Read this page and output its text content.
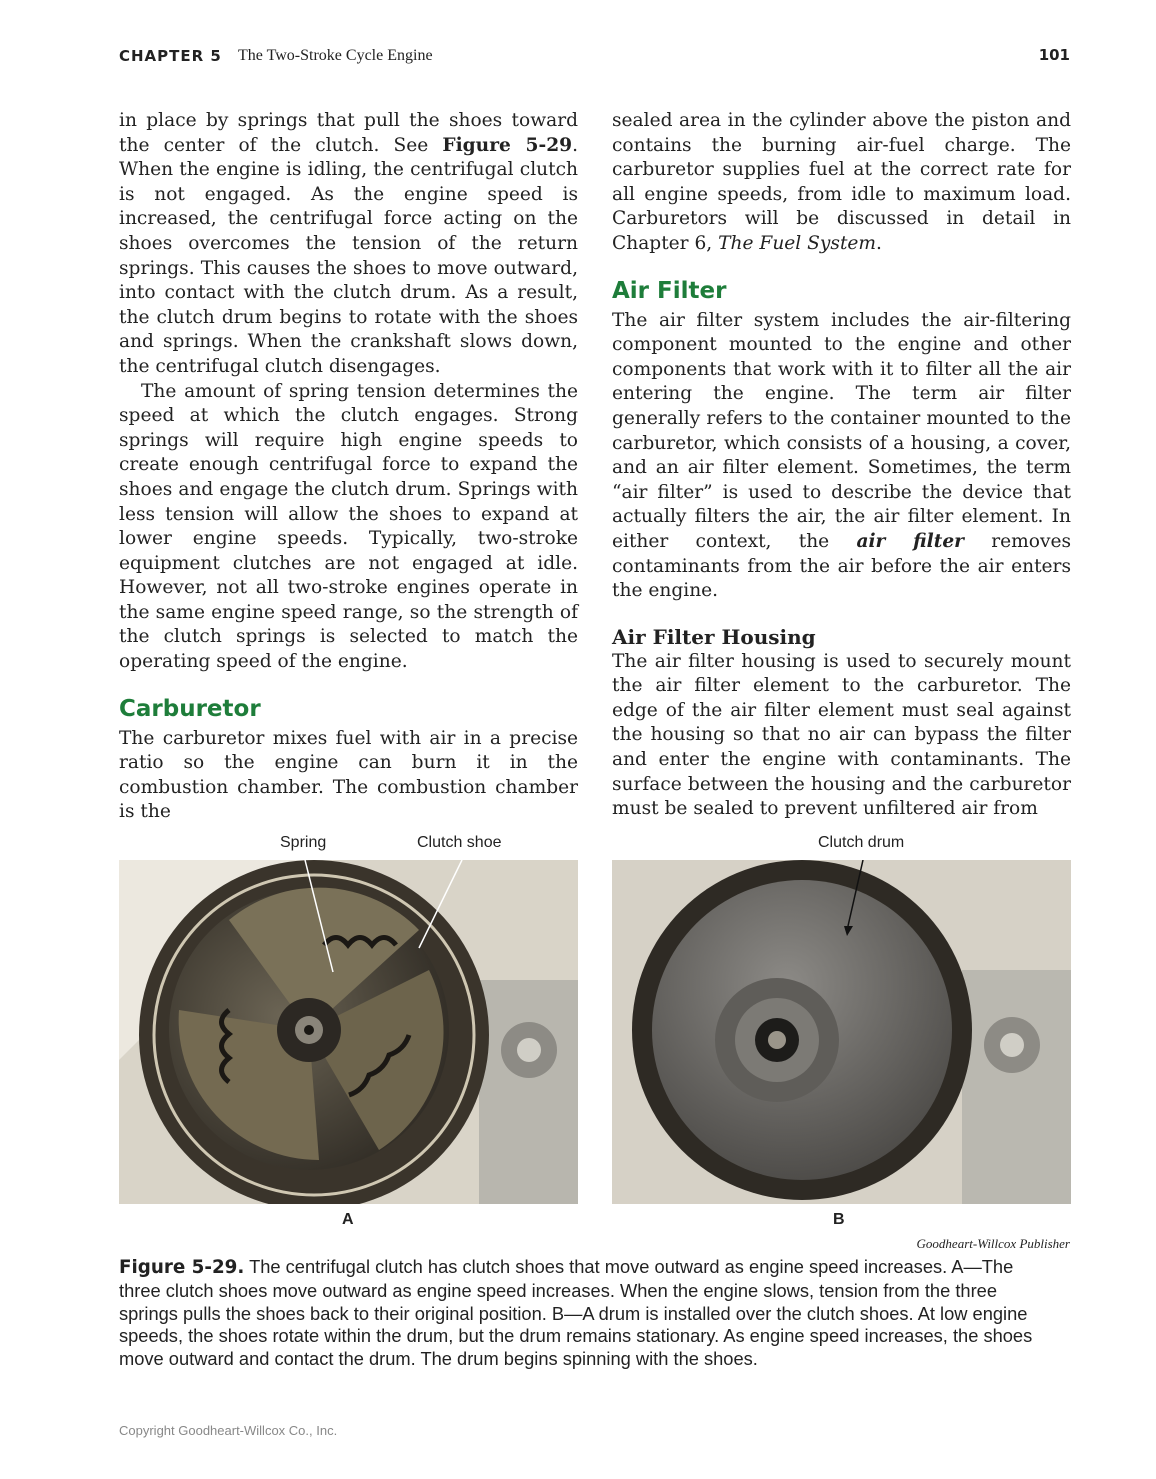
CHAPTER 5 The Two-Stroke Cycle Engine	101

in place by springs that pull the shoes toward the center of the clutch. See Figure 5-29. When the engine is idling, the centrifugal clutch is not engaged. As the engine speed is increased, the centrifugal force acting on the shoes overcomes the tension of the return springs. This causes the shoes to move outward, into contact with the clutch drum. As a result, the clutch drum begins to rotate with the shoes and springs. When the crankshaft slows down, the centrifugal clutch disengages.

The amount of spring tension determines the speed at which the clutch engages. Strong springs will require high engine speeds to create enough centrifugal force to expand the shoes and engage the clutch drum. Springs with less tension will allow the shoes to expand at lower engine speeds. Typically, two-stroke equipment clutches are not engaged at idle. However, not all two-stroke engines operate in the same engine speed range, so the strength of the clutch springs is selected to match the operating speed of the engine.

Carburetor

The carburetor mixes fuel with air in a precise ratio so the engine can burn it in the combustion chamber. The combustion chamber is the

sealed area in the cylinder above the piston and contains the burning air-fuel charge. The carburetor supplies fuel at the correct rate for all engine speeds, from idle to maximum load. Carburetors will be discussed in detail in Chapter 6, The Fuel System.

Air Filter

The air filter system includes the air-filtering component mounted to the engine and other components that work with it to filter all the air entering the engine. The term air filter generally refers to the container mounted to the carburetor, which consists of a housing, a cover, and an air filter element. Sometimes, the term “air filter” is used to describe the device that actually filters the air, the air filter element. In either context, the air filter removes contaminants from the air before the air enters the engine.

Air Filter Housing

The air filter housing is used to securely mount the air filter element to the carburetor. The edge of the air filter element must seal against the housing so that no air can bypass the filter and enter the engine with contaminants. The surface between the housing and the carburetor must be sealed to prevent unfiltered air from

Spring	Clutch shoe	Clutch drum
A	B
Goodheart-Willcox Publisher
Figure 5-29. The centrifugal clutch has clutch shoes that move outward as engine speed increases. A—The three clutch shoes move outward as engine speed increases. When the engine slows, tension from the three springs pulls the shoes back to their original position. B—A drum is installed over the clutch shoes. At low engine speeds, the shoes rotate within the drum, but the drum remains stationary. As engine speed increases, the shoes move outward and contact the drum. The drum begins spinning with the shoes.
Copyright Goodheart-Willcox Co., Inc.
